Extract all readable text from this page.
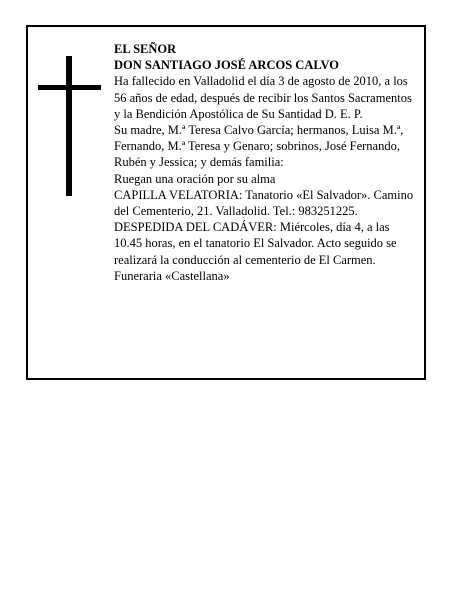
EL SEÑOR

DON SANTIAGO JOSÉ ARCOS CALVO

Ha fallecido en Valladolid el día 3 de agosto de 2010, a los 56 años de edad, después de recibir los Santos Sacramentos y la Bendición Apostólica de Su Santidad D. E. P.

Su madre, M.ª Teresa Calvo García; hermanos, Luisa M.ª, Fernando, M.ª Teresa y Genaro; sobrinos, José Fernando, Rubén y Jessica; y demás familia:

Ruegan una oración por su alma

CAPILLA VELATORIA: Tanatorio «El Salvador». Camino del Cementerio, 21. Valladolid. Tel.: 983251225.

DESPEDIDA DEL CADÁVER: Miércoles, día 4, a las 10.45 horas, en el tanatorio El Salvador. Acto seguido se realizará la conducción al cementerio de El Carmen.

Funeraria «Castellana»
